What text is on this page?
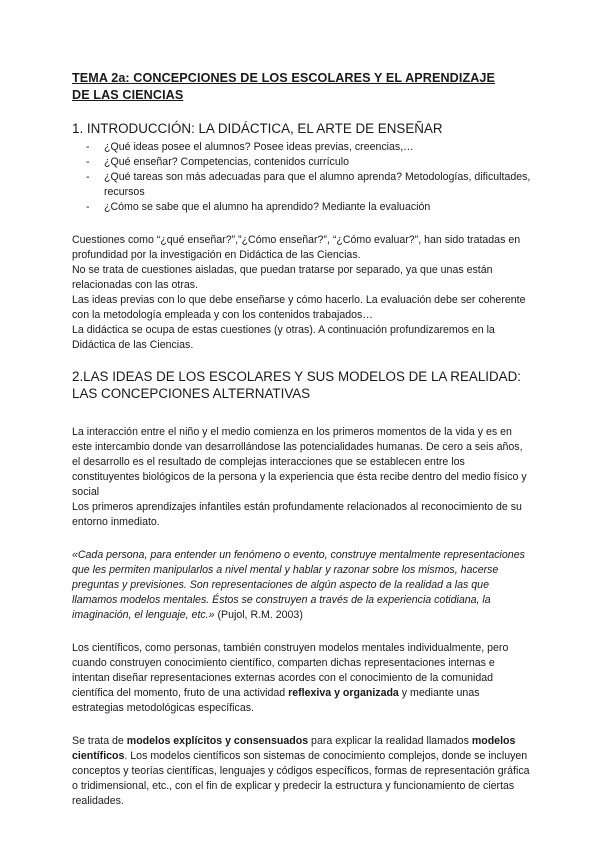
TEMA 2a: CONCEPCIONES DE LOS ESCOLARES Y EL APRENDIZAJE
DE LAS CIENCIAS
1. INTRODUCCIÓN: LA DIDÁCTICA, EL ARTE DE ENSEÑAR
- ¿Qué ideas posee el alumnos? Posee ideas previas, creencias,…
- ¿Qué enseñar? Competencias, contenidos currículo
- ¿Qué tareas son más adecuadas para que el alumno aprenda? Metodologías, dificultades, recursos
- ¿Cómo se sabe que el alumno ha aprendido? Mediante la evaluación

Cuestiones como “¿qué enseñar?”,”¿Cómo enseñar?”, “¿Cómo evaluar?”, han sido tratadas en profundidad por la investigación en Didáctica de las Ciencias.

No se trata de cuestiones aisladas, que puedan tratarse por separado, ya que unas están relacionadas con las otras.

Las ideas previas con lo que debe enseñarse y cómo hacerlo. La evaluación debe ser coherente con la metodología empleada y con los contenidos trabajados…

La didáctica se ocupa de estas cuestiones (y otras). A continuación profundizaremos en la Didáctica de las Ciencias.

2.LAS IDEAS DE LOS ESCOLARES Y SUS MODELOS DE LA REALIDAD:
LAS CONCEPCIONES ALTERNATIVAS

La interacción entre el niño y el medio comienza en los primeros momentos de la vida y es en este intercambio donde van desarrollándose las potencialidades humanas. De cero a seis años, el desarrollo es el resultado de complejas interacciones que se establecen entre los constituyentes biológicos de la persona y la experiencia que ésta recibe dentro del medio físico y social

Los primeros aprendizajes infantiles están profundamente relacionados al reconocimiento de su entorno inmediato.

«Cada persona, para entender un fenómeno o evento, construye mentalmente representaciones que les permiten manipularlos a nivel mental y hablar y razonar sobre los mismos, hacerse preguntas y previsiones. Son representaciones de algún aspecto de la realidad a las que llamamos modelos mentales. Éstos se construyen a través de la experiencia cotidiana, la imaginación, el lenguaje, etc.» (Pujol, R.M. 2003)

Los científicos, como personas, también construyen modelos mentales individualmente, pero cuando construyen conocimiento científico, comparten dichas representaciones internas e intentan diseñar representaciones externas acordes con el conocimiento de la comunidad científica del momento, fruto de una actividad reflexiva y organizada y mediante unas estrategias metodológicas específicas.

Se trata de modelos explícitos y consensuados para explicar la realidad llamados modelos científicos. Los modelos científicos son sistemas de conocimiento complejos, donde se incluyen conceptos y teorías científicas, lenguajes y códigos específicos, formas de representación gráfica o tridimensional, etc., con el fin de explicar y predecir la estructura y funcionamiento de ciertas realidades.
